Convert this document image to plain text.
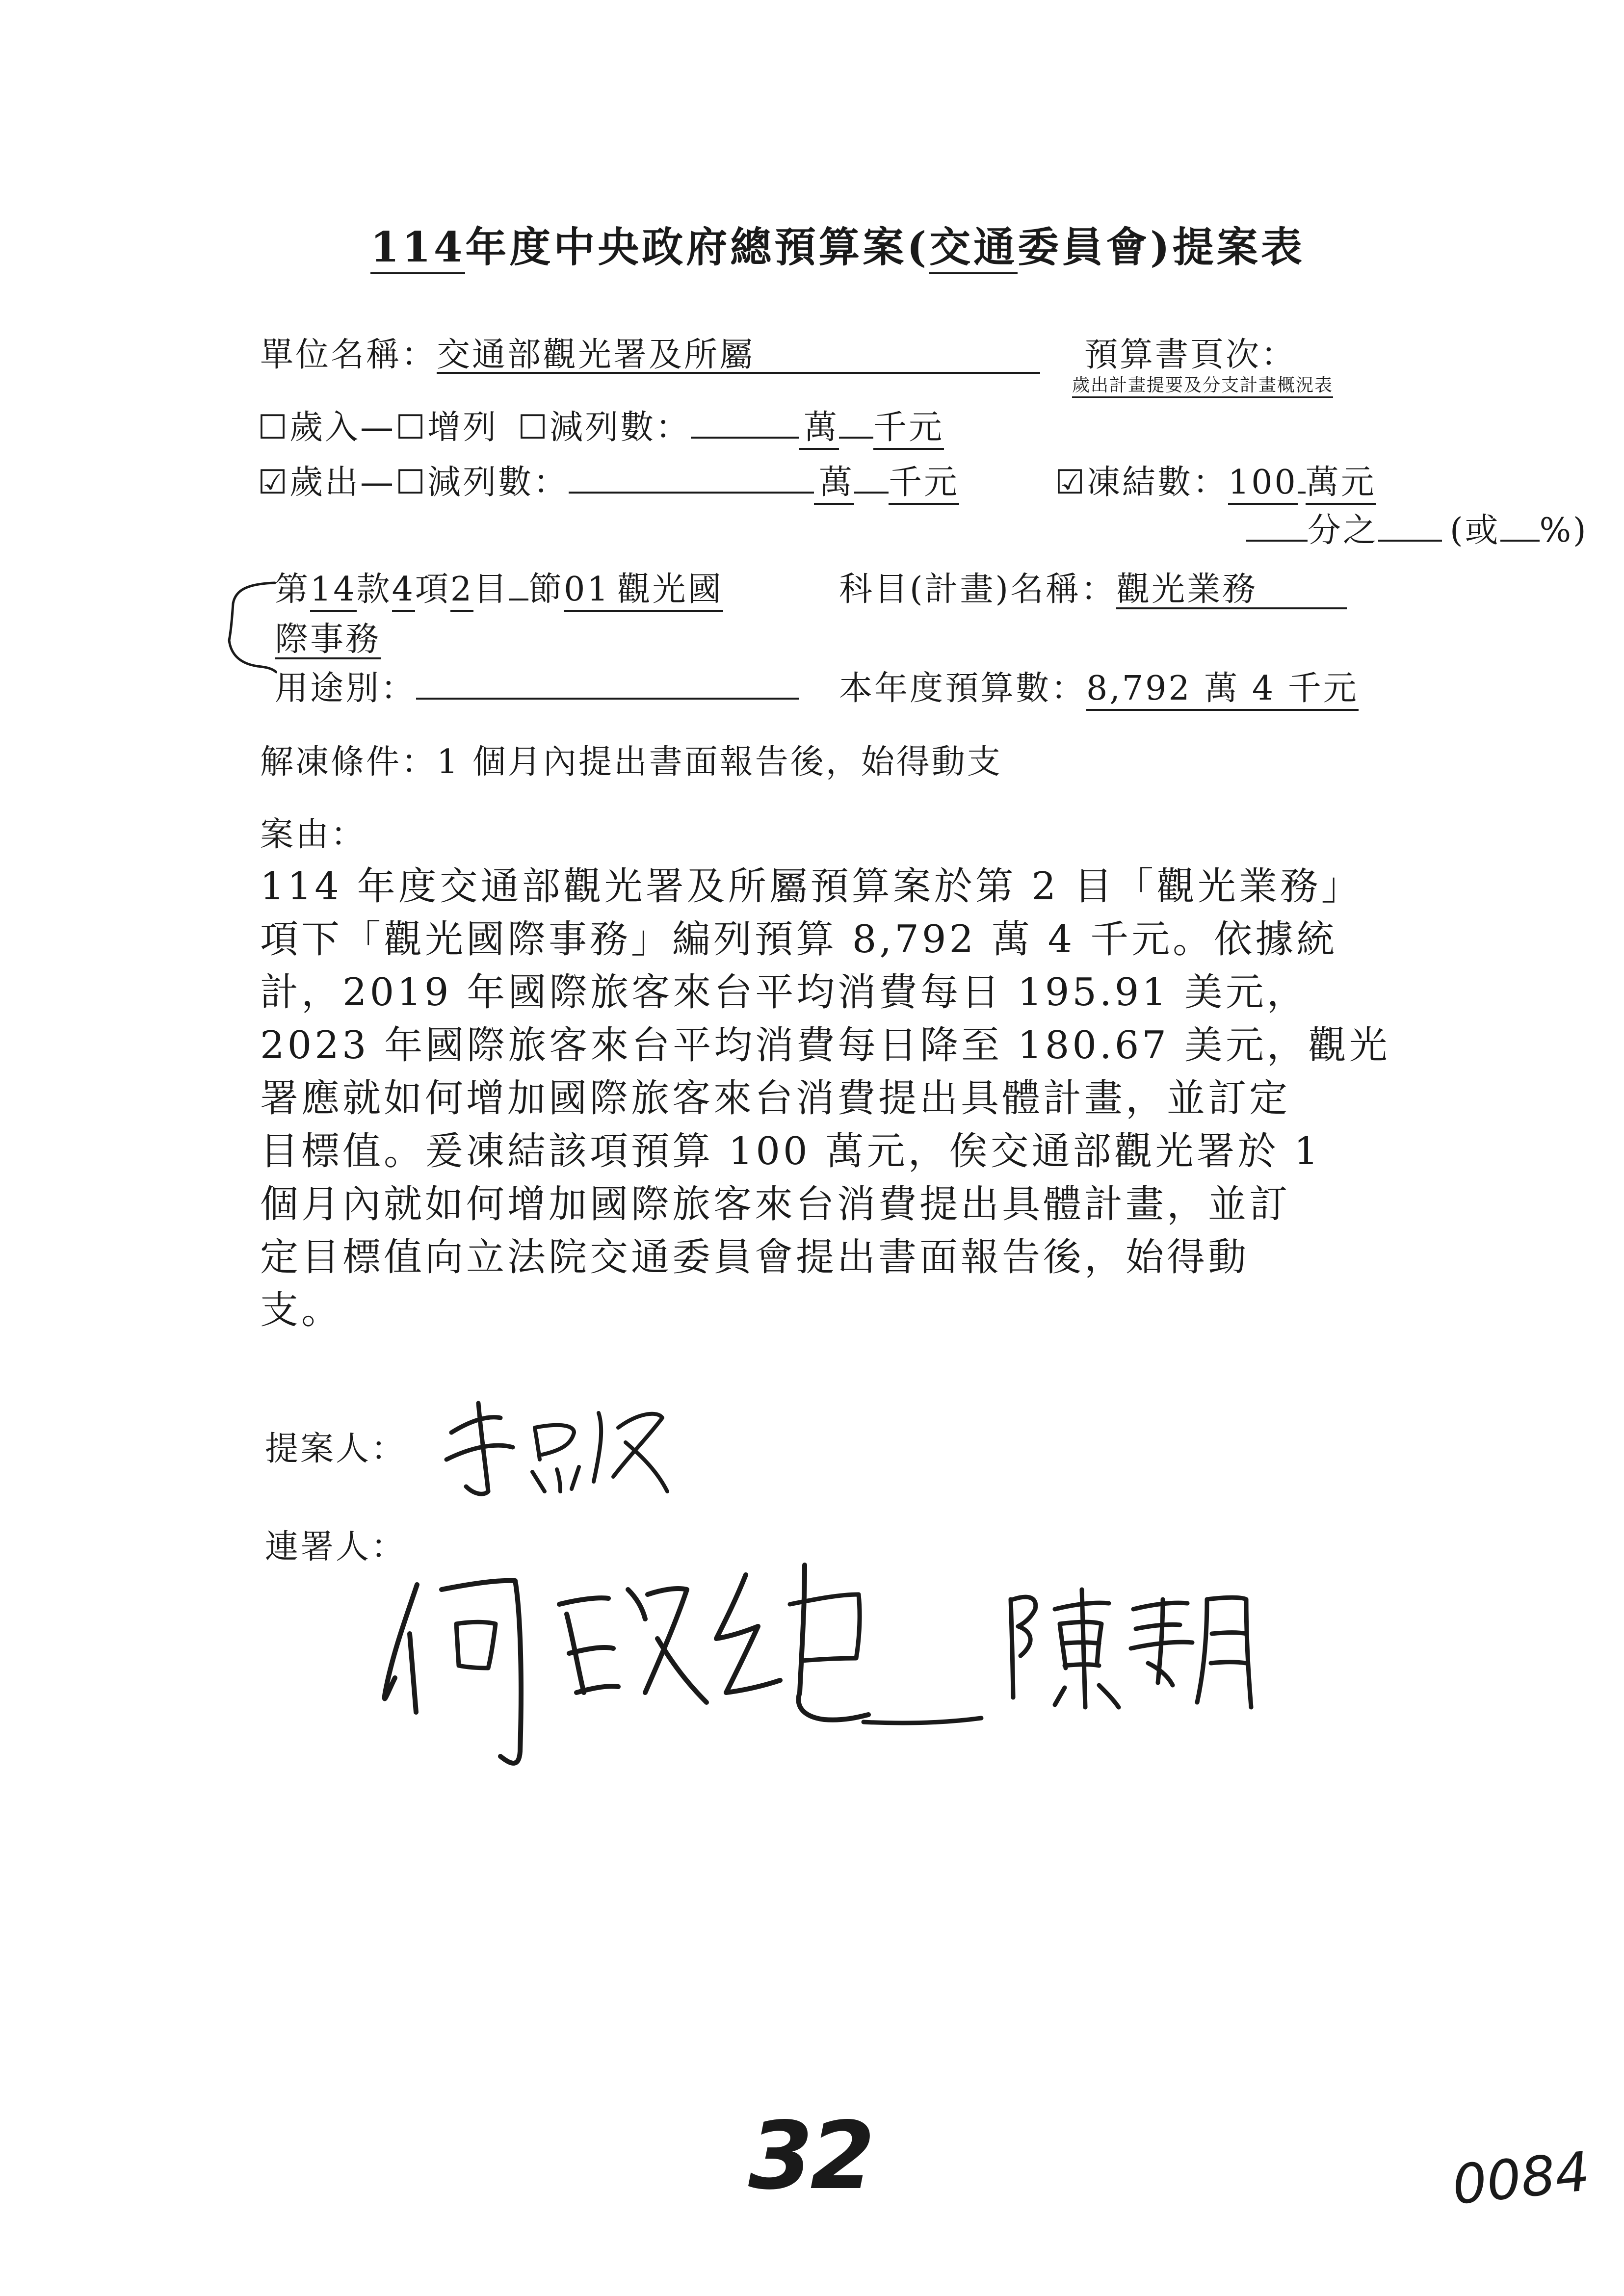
114年度中央政府總預算案(交通委員會)提案表
單位名稱：交通部觀光署及所屬	預算書頁次：
歲出計畫提要及分支計畫概況表
☐歲入—☐增列 ☐減列數：	萬 千元
☑歲出—☐減列數：	萬 千元	☑凍結數：100 萬元
分之 (或 %)
第14款4項2目 節01 觀光國	科目(計畫)名稱：觀光業務
際事務
用途別：	本年度預算數：8,792 萬 4 千元
解凍條件：1 個月內提出書面報告後，始得動支
案由：
114 年度交通部觀光署及所屬預算案於第 2 目「觀光業務」
項下「觀光國際事務」編列預算 8,792 萬 4 千元。依據統
計，2019 年國際旅客來台平均消費每日 195.91 美元，
2023 年國際旅客來台平均消費每日降至 180.67 美元，觀光
署應就如何增加國際旅客來台消費提出具體計畫，並訂定
目標值。爰凍結該項預算 100 萬元，俟交通部觀光署於 1
個月內就如何增加國際旅客來台消費提出具體計畫，並訂
定目標值向立法院交通委員會提出書面報告後，始得動
支。
提案人：
連署人：
32	0084
